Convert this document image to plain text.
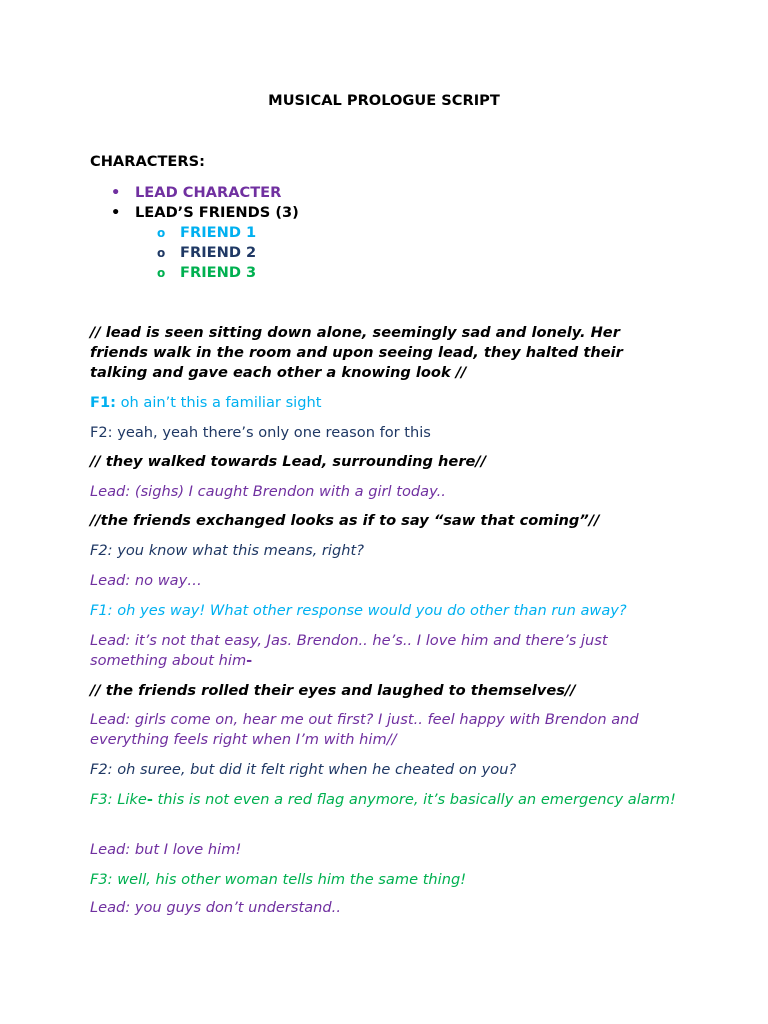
MUSICAL PROLOGUE SCRIPT
CHARACTERS:
• LEAD CHARACTER
• LEAD’S FRIENDS (3)
o FRIEND 1
o FRIEND 2
o FRIEND 3

// lead is seen sitting down alone, seemingly sad and lonely. Her friends walk in the room and upon seeing lead, they halted their talking and gave each other a knowing look //

F1: oh ain’t this a familiar sight

F2: yeah, yeah there’s only one reason for this

// they walked towards Lead, surrounding here//

Lead: (sighs) I caught Brendon with a girl today..

//the friends exchanged looks as if to say “saw that coming”//

F2: you know what this means, right?

Lead: no way…

F1: oh yes way! What other response would you do other than run away?

Lead: it’s not that easy, Jas. Brendon.. he’s.. I love him and there’s just something about him-

// the friends rolled their eyes and laughed to themselves//

Lead: girls come on, hear me out first? I just.. feel happy with Brendon and everything feels right when I’m with him//

F2: oh suree, but did it felt right when he cheated on you?

F3: Like- this is not even a red flag anymore, it’s basically an emergency alarm!

Lead: but I love him!

F3: well, his other woman tells him the same thing!

Lead: you guys don’t understand..
